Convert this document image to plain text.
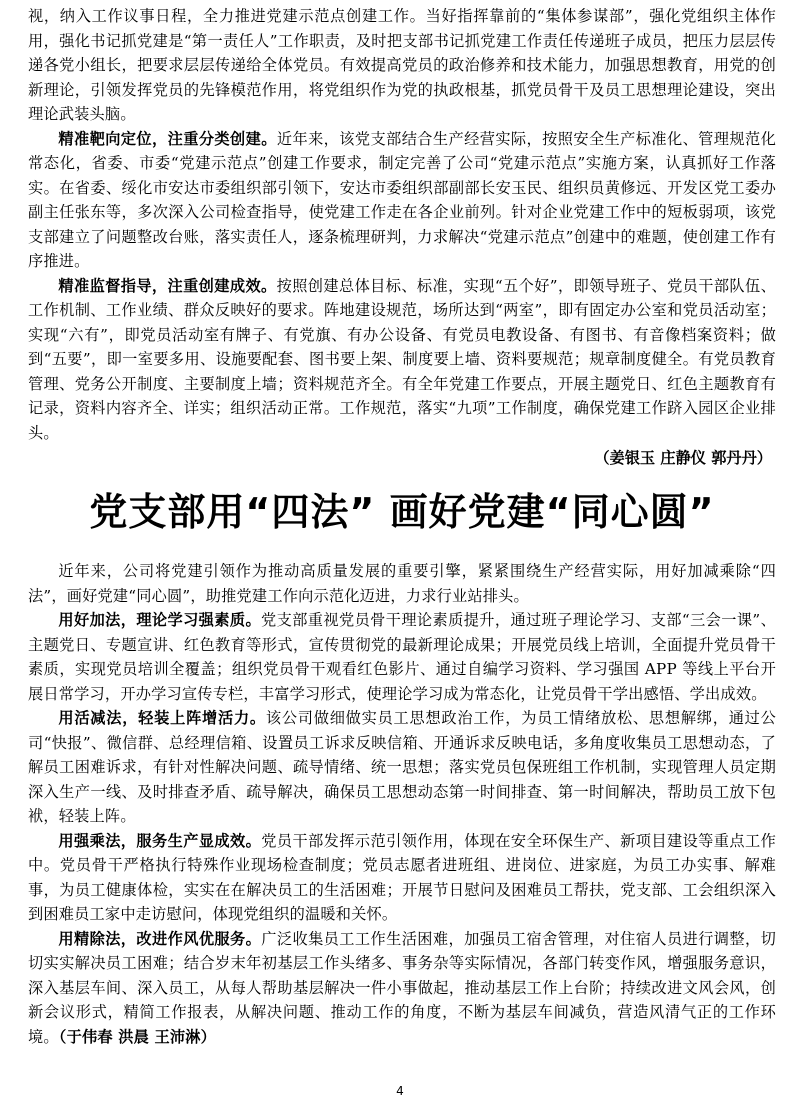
视，纳入工作议事日程，全力推进党建示范点创建工作。当好指挥靠前的“集体参谋部”，强化党组织主体作用，强化书记抓党建是“第一责任人”工作职责，及时把支部书记抓党建工作责任传递班子成员，把压力层层传递各党小组长，把要求层层传递给全体党员。有效提高党员的政治修养和技术能力，加强思想教育，用党的创新理论，引领发挥党员的先锋模范作用，将党组织作为党的执政根基，抓党员骨干及员工思想理论建设，突出理论武装头脑。

精准靶向定位，注重分类创建。近年来，该党支部结合生产经营实际，按照安全生产标准化、管理规范化常态化，省委、市委“党建示范点”创建工作要求，制定完善了公司“党建示范点”实施方案，认真抓好工作落实。在省委、绥化市安达市委组织部引领下，安达市委组织部副部长安玉民、组织员黄修远、开发区党工委办副主任张东等，多次深入公司检查指导，使党建工作走在各企业前列。针对企业党建工作中的短板弱项，该党支部建立了问题整改台账，落实责任人，逐条梳理研判，力求解决“党建示范点”创建中的难题，使创建工作有序推进。

精准监督指导，注重创建成效。按照创建总体目标、标准，实现“五个好”，即领导班子、党员干部队伍、工作机制、工作业绩、群众反映好的要求。阵地建设规范，场所达到“两室”，即有固定办公室和党员活动室；实现“六有”，即党员活动室有牌子、有党旗、有办公设备、有党员电教设备、有图书、有音像档案资料；做到“五要”，即一室要多用、设施要配套、图书要上架、制度要上墙、资料要规范；规章制度健全。有党员教育管理、党务公开制度、主要制度上墙；资料规范齐全。有全年党建工作要点，开展主题党日、红色主题教育有记录，资料内容齐全、详实；组织活动正常。工作规范，落实“九项”工作制度，确保党建工作跻入园区企业排头。

（姜银玉 庄静仪 郭丹丹）
党支部用“四法” 画好党建“同心圆”

近年来，公司将党建引领作为推动高质量发展的重要引擎，紧紧围绕生产经营实际，用好加减乘除“四法”，画好党建“同心圆”，助推党建工作向示范化迈进，力求行业站排头。

用好加法，理论学习强素质。党支部重视党员骨干理论素质提升，通过班子理论学习、支部“三会一课”、主题党日、专题宣讲、红色教育等形式，宣传贯彻党的最新理论成果；开展党员线上培训，全面提升党员骨干素质，实现党员培训全覆盖；组织党员骨干观看红色影片、通过自编学习资料、学习强国 APP 等线上平台开展日常学习，开办学习宣传专栏，丰富学习形式，使理论学习成为常态化，让党员骨干学出感悟、学出成效。

用活减法，轻装上阵增活力。该公司做细做实员工思想政治工作，为员工情绪放松、思想解绑，通过公司“快报”、微信群、总经理信箱、设置员工诉求反映信箱、开通诉求反映电话，多角度收集员工思想动态，了解员工困难诉求，有针对性解决问题、疏导情绪、统一思想；落实党员包保班组工作机制，实现管理人员定期深入生产一线、及时排查矛盾、疏导解决，确保员工思想动态第一时间排查、第一时间解决，帮助员工放下包袱，轻装上阵。

用强乘法，服务生产显成效。党员干部发挥示范引领作用，体现在安全环保生产、新项目建设等重点工作中。党员骨干严格执行特殊作业现场检查制度；党员志愿者进班组、进岗位、进家庭，为员工办实事、解难事，为员工健康体检，实实在在解决员工的生活困难；开展节日慰问及困难员工帮扶，党支部、工会组织深入到困难员工家中走访慰问，体现党组织的温暖和关怀。

用精除法，改进作风优服务。广泛收集员工工作生活困难，加强员工宿舍管理，对住宿人员进行调整，切切实实解决员工困难；结合岁末年初基层工作头绪多、事务杂等实际情况，各部门转变作风，增强服务意识，深入基层车间、深入员工，从每人帮助基层解决一件小事做起，推动基层工作上台阶；持续改进文风会风，创新会议形式，精简工作报表，从解决问题、推动工作的角度，不断为基层车间减负，营造风清气正的工作环境。（于伟春 洪晨 王沛淋）

4
